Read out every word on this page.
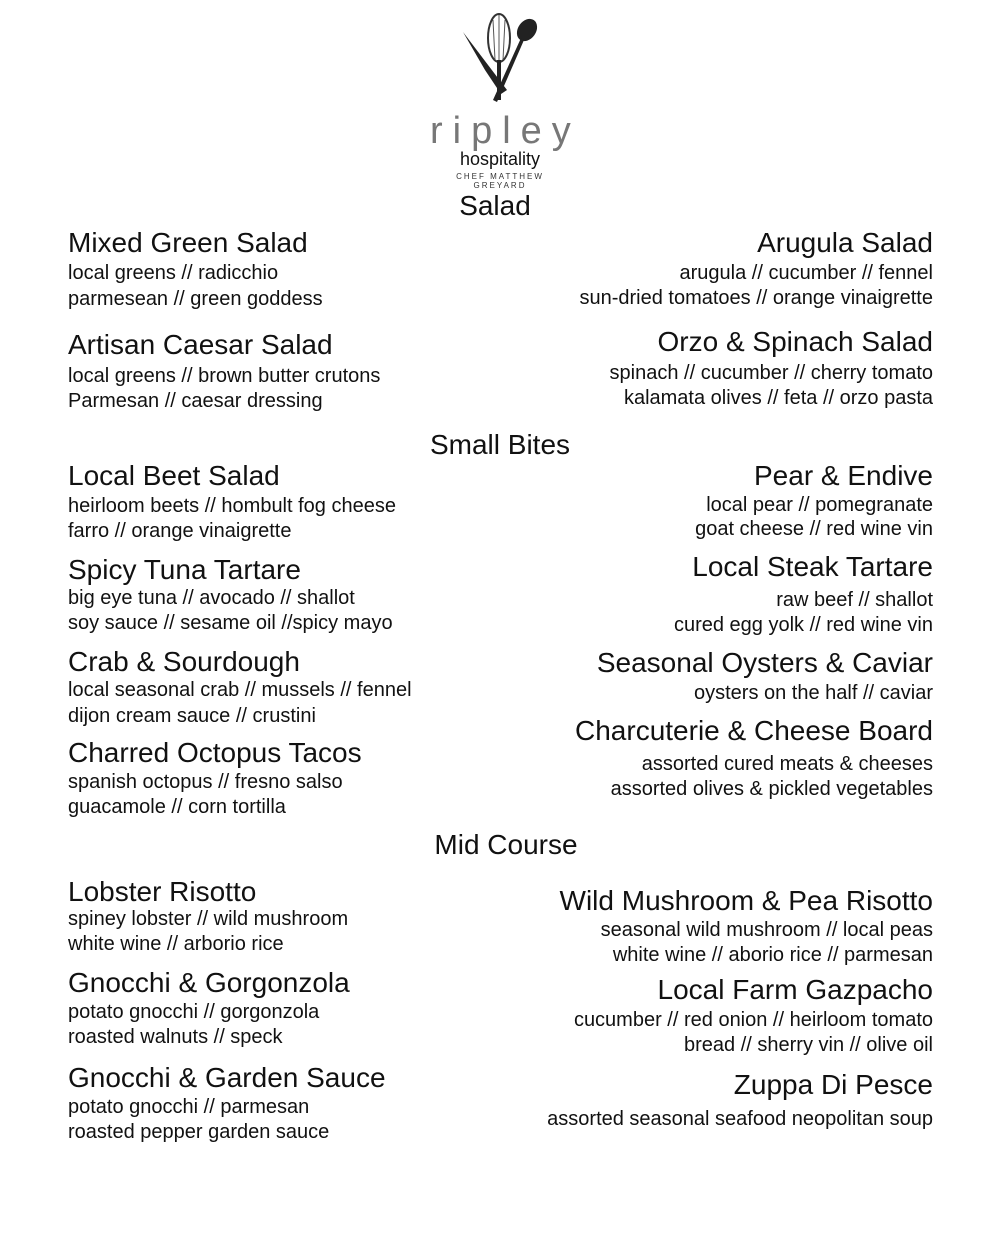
ripley
hospitality
CHEF MATTHEW GREYARD
Salad
Small Bites
Mid Course
Mixed Green Salad
local greens // radicchio
parmesean // green goddess
Artisan Caesar Salad
local greens // brown butter crutons
Parmesan // caesar dressing
Arugula Salad
arugula // cucumber // fennel
sun-dried tomatoes // orange vinaigrette
Orzo & Spinach Salad
spinach // cucumber // cherry tomato
kalamata olives // feta // orzo pasta
Local Beet Salad
heirloom beets // hombult fog cheese
farro // orange vinaigrette
Spicy Tuna Tartare
big eye tuna // avocado // shallot
soy sauce // sesame oil //spicy mayo
Crab & Sourdough
local seasonal crab // mussels // fennel
dijon cream sauce // crustini
Charred Octopus Tacos
spanish octopus // fresno salso
guacamole // corn tortilla
Pear & Endive
local pear // pomegranate
goat cheese // red wine vin
Local Steak Tartare
raw beef // shallot
cured egg yolk // red wine vin
Seasonal Oysters & Caviar
oysters on the half // caviar
Charcuterie & Cheese Board
assorted cured meats & cheeses
assorted olives & pickled vegetables
Lobster Risotto
spiney lobster // wild mushroom
white wine // arborio rice
Gnocchi & Gorgonzola
potato gnocchi // gorgonzola
roasted walnuts // speck
Gnocchi & Garden Sauce
potato gnocchi // parmesan
roasted pepper garden sauce
Wild Mushroom & Pea Risotto
seasonal wild mushroom // local peas
white wine // aborio rice // parmesan
Local Farm Gazpacho
cucumber // red onion // heirloom tomato
bread // sherry vin // olive oil
Zuppa Di Pesce
assorted seasonal seafood neopolitan soup
